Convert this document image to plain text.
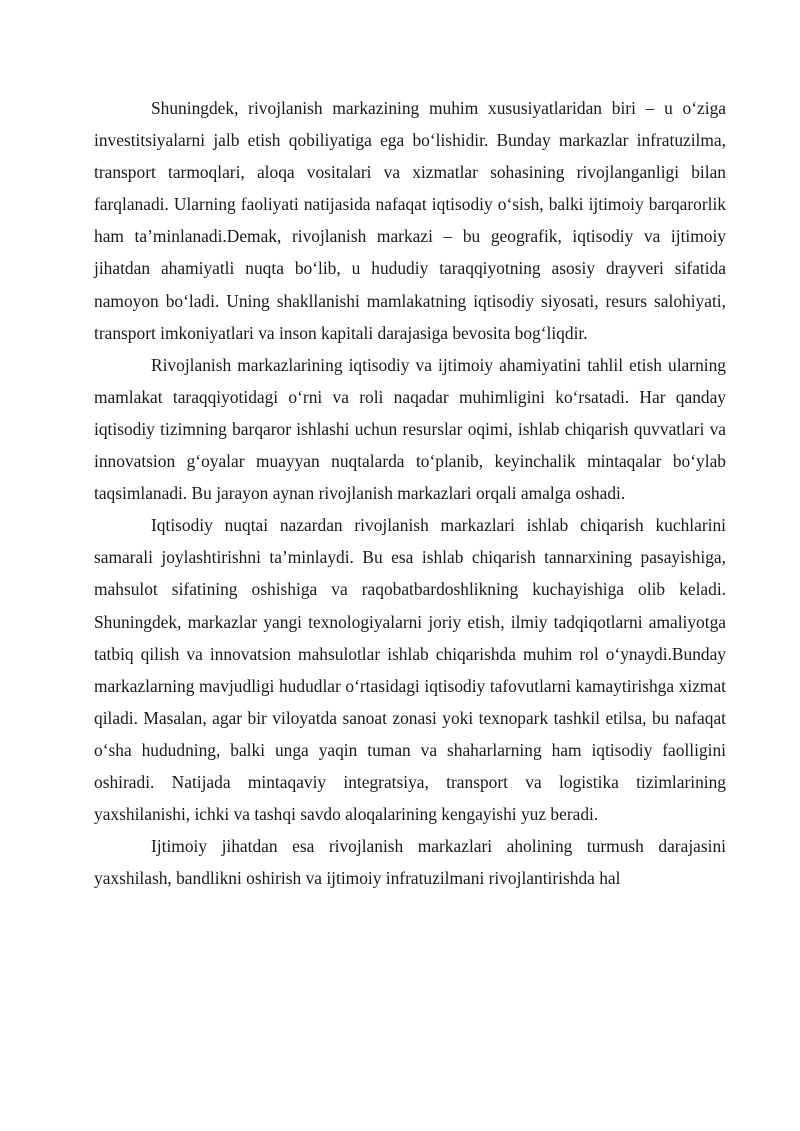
Shuningdek, rivojlanish markazining muhim xususiyatlaridan biri – u o‘ziga investitsiyalarni jalb etish qobiliyatiga ega bo‘lishidir. Bunday markazlar infratuzilma, transport tarmoqlari, aloqa vositalari va xizmatlar sohasining rivojlanganligi bilan farqlanadi. Ularning faoliyati natijasida nafaqat iqtisodiy o‘sish, balki ijtimoiy barqarorlik ham ta’minlanadi.Demak, rivojlanish markazi – bu geografik, iqtisodiy va ijtimoiy jihatdan ahamiyatli nuqta bo‘lib, u hududiy taraqqiyotning asosiy drayveri sifatida namoyon bo‘ladi. Uning shakllanishi mamlakatning iqtisodiy siyosati, resurs salohiyati, transport imkoniyatlari va inson kapitali darajasiga bevosita bog‘liqdir.

Rivojlanish markazlarining iqtisodiy va ijtimoiy ahamiyatini tahlil etish ularning mamlakat taraqqiyotidagi o‘rni va roli naqadar muhimligini ko‘rsatadi. Har qanday iqtisodiy tizimning barqaror ishlashi uchun resurslar oqimi, ishlab chiqarish quvvatlari va innovatsion g‘oyalar muayyan nuqtalarda to‘planib, keyinchalik mintaqalar bo‘ylab taqsimlanadi. Bu jarayon aynan rivojlanish markazlari orqali amalga oshadi.

Iqtisodiy nuqtai nazardan rivojlanish markazlari ishlab chiqarish kuchlarini samarali joylashtirishni ta’minlaydi. Bu esa ishlab chiqarish tannarxining pasayishiga, mahsulot sifatining oshishiga va raqobatbardoshlikning kuchayishiga olib keladi. Shuningdek, markazlar yangi texnologiyalarni joriy etish, ilmiy tadqiqotlarni amaliyotga tatbiq qilish va innovatsion mahsulotlar ishlab chiqarishda muhim rol o‘ynaydi.Bunday markazlarning mavjudligi hududlar o‘rtasidagi iqtisodiy tafovutlarni kamaytirishga xizmat qiladi. Masalan, agar bir viloyatda sanoat zonasi yoki texnopark tashkil etilsa, bu nafaqat o‘sha hududning, balki unga yaqin tuman va shaharlarning ham iqtisodiy faolligini oshiradi. Natijada mintaqaviy integratsiya, transport va logistika tizimlarining yaxshilanishi, ichki va tashqi savdo aloqalarining kengayishi yuz beradi.

Ijtimoiy jihatdan esa rivojlanish markazlari aholining turmush darajasini yaxshilash, bandlikni oshirish va ijtimoiy infratuzilmani rivojlantirishda hal
